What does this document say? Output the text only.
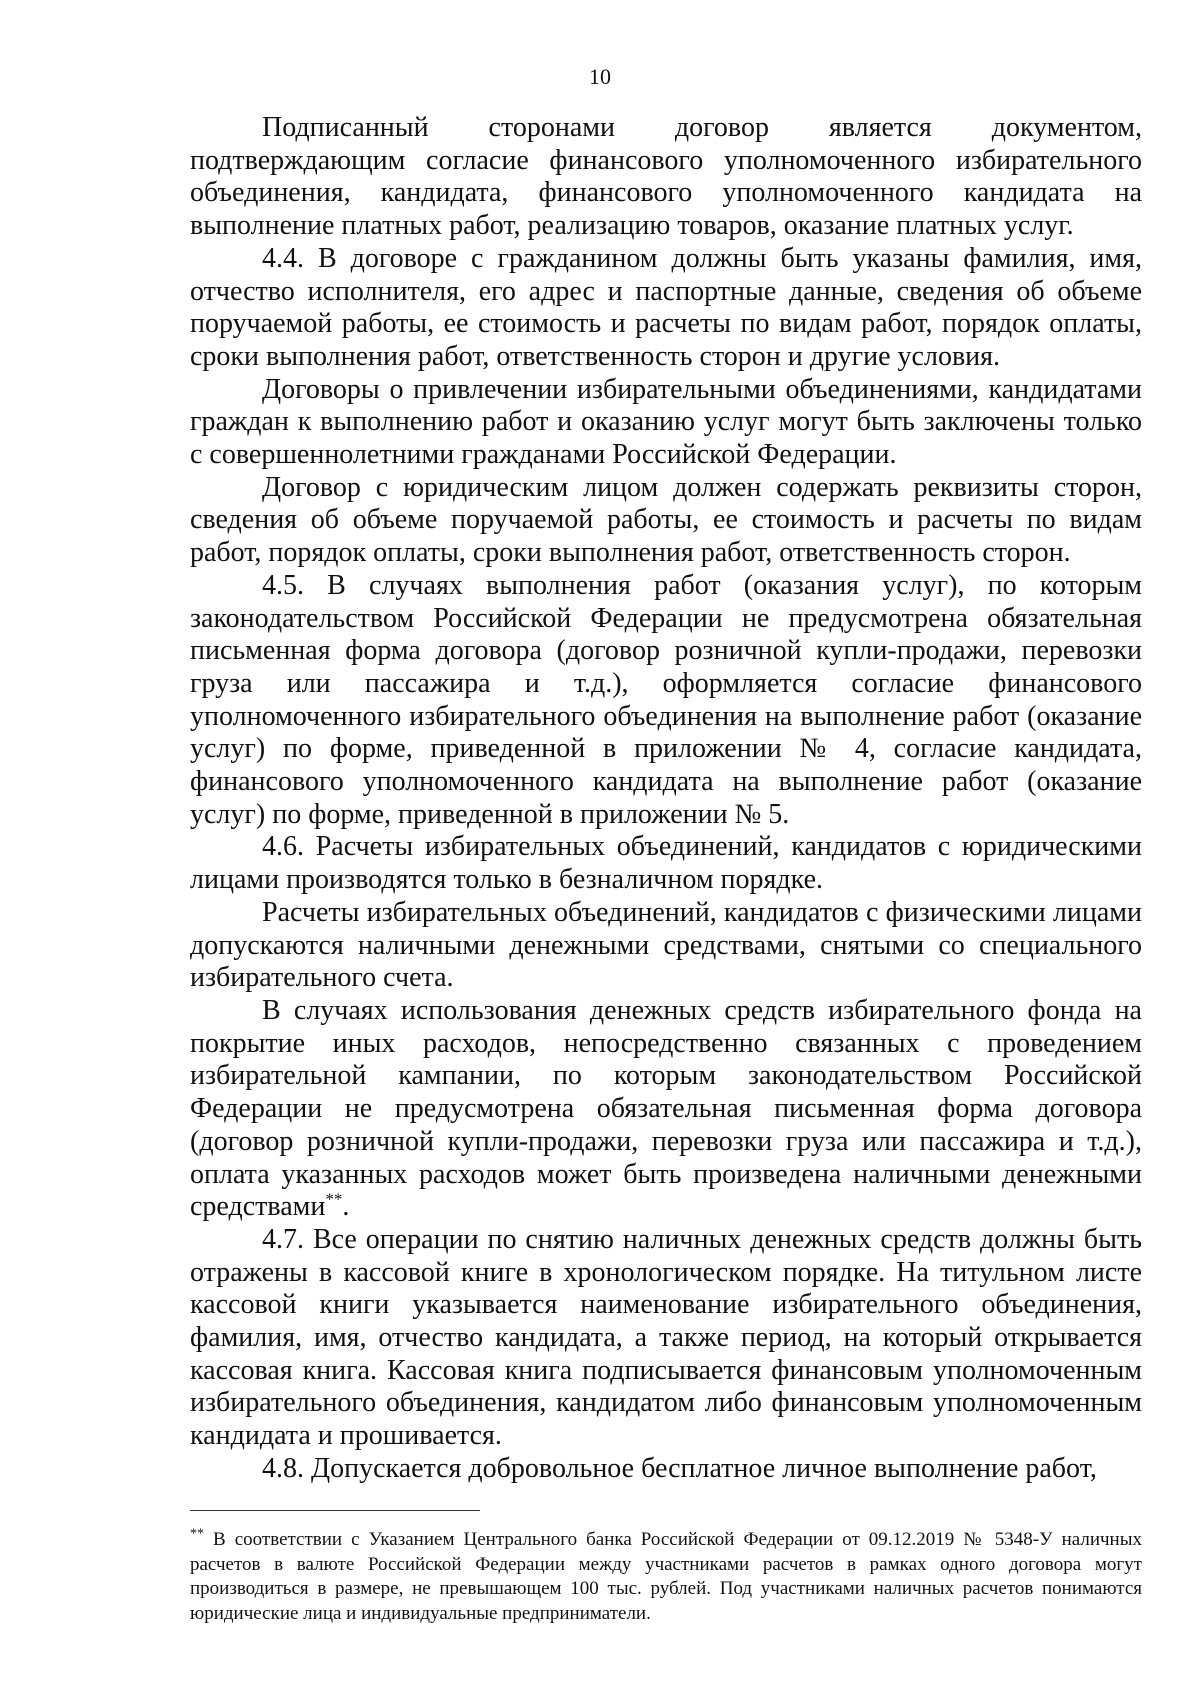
10

Подписанный сторонами договор является документом, подтверждающим согласие финансового уполномоченного избирательного объединения, кандидата, финансового уполномоченного кандидата на выполнение платных работ, реализацию товаров, оказание платных услуг.

4.4. В договоре с гражданином должны быть указаны фамилия, имя, отчество исполнителя, его адрес и паспортные данные, сведения об объеме поручаемой работы, ее стоимость и расчеты по видам работ, порядок оплаты, сроки выполнения работ, ответственность сторон и другие условия.

Договоры о привлечении избирательными объединениями, кандидатами граждан к выполнению работ и оказанию услуг могут быть заключены только с совершеннолетними гражданами Российской Федерации.

Договор с юридическим лицом должен содержать реквизиты сторон, сведения об объеме поручаемой работы, ее стоимость и расчеты по видам работ, порядок оплаты, сроки выполнения работ, ответственность сторон.

4.5. В случаях выполнения работ (оказания услуг), по которым законодательством Российской Федерации не предусмотрена обязательная письменная форма договора (договор розничной купли-продажи, перевозки груза или пассажира и т.д.), оформляется согласие финансового уполномоченного избирательного объединения на выполнение работ (оказание услуг) по форме, приведенной в приложении № 4, согласие кандидата, финансового уполномоченного кандидата на выполнение работ (оказание услуг) по форме, приведенной в приложении № 5.

4.6. Расчеты избирательных объединений, кандидатов с юридическими лицами производятся только в безналичном порядке.

Расчеты избирательных объединений, кандидатов с физическими лицами допускаются наличными денежными средствами, снятыми со специального избирательного счета.

В случаях использования денежных средств избирательного фонда на покрытие иных расходов, непосредственно связанных с проведением избирательной кампании, по которым законодательством Российской Федерации не предусмотрена обязательная письменная форма договора (договор розничной купли-продажи, перевозки груза или пассажира и т.д.), оплата указанных расходов может быть произведена наличными денежными средствами**.

4.7. Все операции по снятию наличных денежных средств должны быть отражены в кассовой книге в хронологическом порядке. На титульном листе кассовой книги указывается наименование избирательного объединения, фамилия, имя, отчество кандидата, а также период, на который открывается кассовая книга. Кассовая книга подписывается финансовым уполномоченным избирательного объединения, кандидатом либо финансовым уполномоченным кандидата и прошивается.

4.8. Допускается добровольное бесплатное личное выполнение работ,

** В соответствии с Указанием Центрального банка Российской Федерации от 09.12.2019 № 5348-У наличных расчетов в валюте Российской Федерации между участниками расчетов в рамках одного договора могут производиться в размере, не превышающем 100 тыс. рублей. Под участниками наличных расчетов понимаются юридические лица и индивидуальные предприниматели.
